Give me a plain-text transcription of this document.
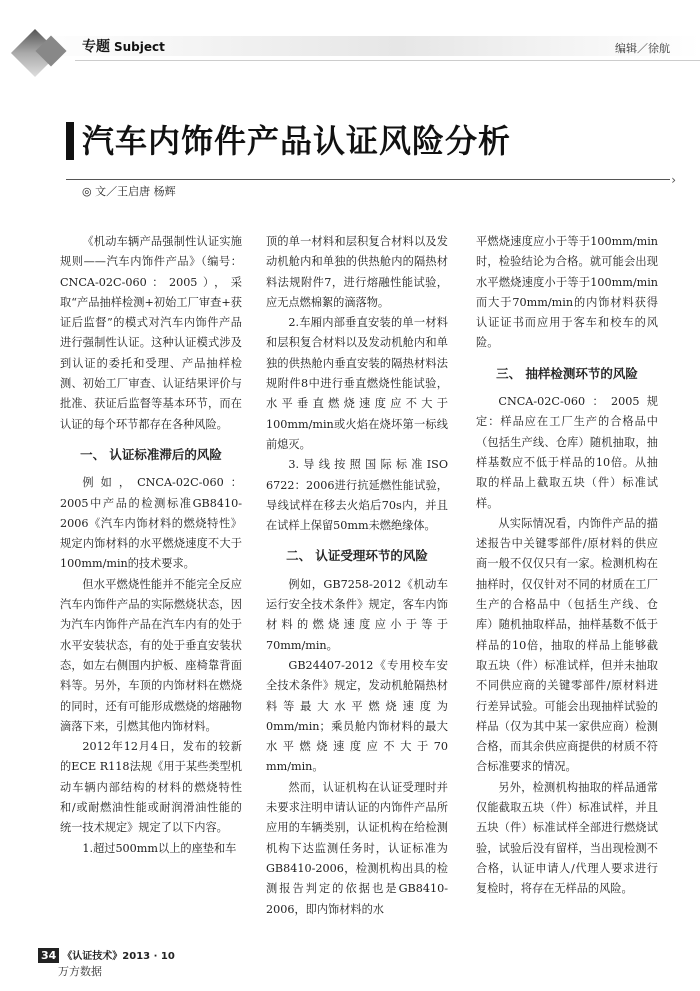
专题 Subject	编辑／徐航
汽车内饰件产品认证风险分析
›
◎ 文／王启唐 杨辉

《机动车辆产品强制性认证实施规则——汽车内饰件产品》（编号：CNCA-02C-060：2005），采取“产品抽样检测+初始工厂审查+获证后监督”的模式对汽车内饰件产品进行强制性认证。这种认证模式涉及到认证的委托和受理、产品抽样检测、初始工厂审查、认证结果评价与批准、获证后监督等基本环节，而在认证的每个环节都存在各种风险。

一、 认证标准滞后的风险

例如，CNCA-02C-060：2005中产品的检测标准GB8410-2006《汽车内饰材料的燃烧特性》规定内饰材料的水平燃烧速度不大于100mm/min的技术要求。

但水平燃烧性能并不能完全反应汽车内饰件产品的实际燃烧状态，因为汽车内饰件产品在汽车内有的处于水平安装状态，有的处于垂直安装状态，如左右侧围内护板、座椅靠背面料等。另外，车顶的内饰材料在燃烧的同时，还有可能形成燃烧的熔融物滴落下来，引燃其他内饰材料。

2012年12月4日，发布的较新的ECE R118法规《用于某些类型机动车辆内部结构的材料的燃烧特性和/或耐燃油性能或耐润滑油性能的统一技术规定》规定了以下内容。

1.超过500mm以上的座垫和车

顶的单一材料和层积复合材料以及发动机舱内和单独的供热舱内的隔热材料法规附件7，进行熔融性能试验，应无点燃棉絮的滴落物。

2.车厢内部垂直安装的单一材料和层积复合材料以及发动机舱内和单独的供热舱内垂直安装的隔热材料法规附件8中进行垂直燃烧性能试验，水平垂直燃烧速度应不大于100mm/min或火焰在烧坏第一标线前熄灭。

3.导线按照国际标准ISO 6722：2006进行抗延燃性能试验，导线试样在移去火焰后70s内，并且在试样上保留50mm未燃绝缘体。

二、 认证受理环节的风险

例如，GB7258-2012《机动车运行安全技术条件》规定，客车内饰材料的燃烧速度应小于等于70mm/min。

GB24407-2012《专用校车安全技术条件》规定，发动机舱隔热材料等最大水平燃烧速度为0mm/min；乘员舱内饰材料的最大水平燃烧速度应不大于70 mm/min。

然而，认证机构在认证受理时并未要求注明申请认证的内饰件产品所应用的车辆类别，认证机构在给检测机构下达监测任务时，认证标准为GB8410-2006，检测机构出具的检测报告判定的依据也是GB8410-2006，即内饰材料的水

平燃烧速度应小于等于100mm/min时，检验结论为合格。就可能会出现水平燃烧速度小于等于100mm/min而大于70mm/min的内饰材料获得认证证书而应用于客车和校车的风险。

三、 抽样检测环节的风险

CNCA-02C-060：2005规定：样品应在工厂生产的合格品中（包括生产线、仓库）随机抽取，抽样基数应不低于样品的10倍。从抽取的样品上截取五块（件）标准试样。

从实际情况看，内饰件产品的描述报告中关键零部件/原材料的供应商一般不仅仅只有一家。检测机构在抽样时，仅仅针对不同的材质在工厂生产的合格品中（包括生产线、仓库）随机抽取样品，抽样基数不低于样品的10倍，抽取的样品上能够截取五块（件）标准试样，但并未抽取不同供应商的关键零部件/原材料进行差异试验。可能会出现抽样试验的样品（仅为其中某一家供应商）检测合格，而其余供应商提供的材质不符合标准要求的情况。

另外，检测机构抽取的样品通常仅能截取五块（件）标准试样，并且五块（件）标准试样全部进行燃烧试验，试验后没有留样，当出现检测不合格，认证申请人/代理人要求进行复检时，将存在无样品的风险。

34 《认证技术》2013 · 10
万方数据
